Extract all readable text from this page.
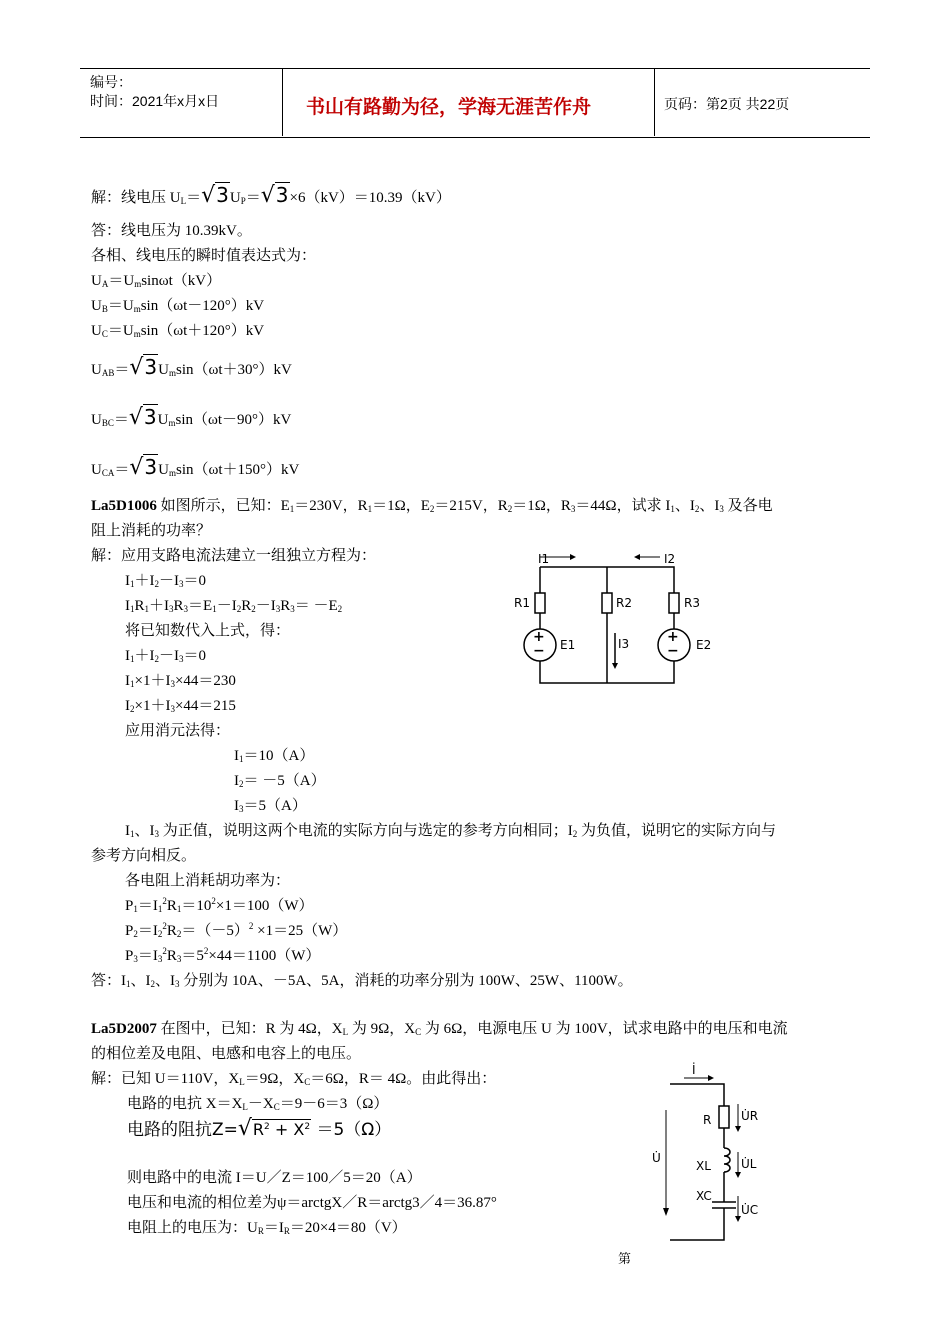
编号：
时间：2021年x月x日	书山有路勤为径，学海无涯苦作舟	页码：第2页 共22页
解：线电压 $U_L=√3U_P=√3\times 6(kV)=10.39(kV)$
答：线电压为 10.39kV。
各相、线电压的瞬时值表达式为：
$U_A=U_m\sin\omega t(kV)$
$U_B=U_m\sin(\omega t-120^\circ)kV$
$U_C=U_m\sin(\omega t+120^\circ)kV$
$U_{AB}=√3U_m\sin(\omega t+30^\circ)kV$
$U_{BC}=√3U_m\sin(\omega t-90^\circ)kV$
$U_{CA}=√3U_m\sin(\omega t+150^\circ)kV$
La5D1006 如图所示，已知：$E_1=230V$，$R_1=1\Omega$，$E_2=215V$，$R_2=1\Omega$，$R_3=44\Omega$，试求 $I_1$、$I_2$、$I_3$ 及各电
阻上消耗的功率？
解：应用支路电流法建立一组独立方程为：
$I_1+I_2-I_3=0$
$I_1R_1+I_3R_3=E_1-I_2R_2-I_3R_3= -E_2$
将已知数代入上式，得：
$I_1+I_2-I_3=0$
$I_1\times 1+I_3\times 44=230$
$I_2\times 1+I_3\times 44=215$
应用消元法得：
$I_1=10(A)$
$I_2= -5(A)$
$I_3=5(A)$
$I_1$、$I_3$ 为正值，说明这两个电流的实际方向与选定的参考方向相同；$I_2$ 为负值，说明它的实际方向与
参考方向相反。
各电阻上消耗胡功率为：
$P_1=I_1^2R_1=10^2\times 1=100(W)$
$P_2=I_2^2R_2=(-5)^2 \times 1=25(W)$
$P_3=I_3^2R_3=5^2\times 44=1100(W)$
答：$I_1$、$I_2$、$I_3$ 分别为 10A、－5A、5A，消耗的功率分别为 100W、25W、1100W。
+
−
+
−
I1	I2
R1	R2	R3
E1	E2
I3
La5D2007 在图中，已知：R 为 4Ω，$X_L$ 为 9Ω，$X_C$ 为 6Ω，电源电压 U 为 100V，试求电路中的电压和电流
的相位差及电阻、电感和电容上的电压。
解：已知 U＝110V，$X_L=9\Omega$，$X_C=6\Omega$，R＝ 4Ω。由此得出：
电路的电抗 $X=X_L-X_C=9-6=3(\Omega)$
电路的阻抗$Z=√R^2 + X^2 =5(\Omega)$
则电路中的电流 I＝U／Z＝100／5＝20（A）
电压和电流的相位差为ψ＝arctgX／R＝arctg3／4＝36.87°
电阻上的电压为：$U_R=I_R=20\times 4=80(V)$
İ
R U̇R
U̇
XL	U̇L
XC
U̇C
第
